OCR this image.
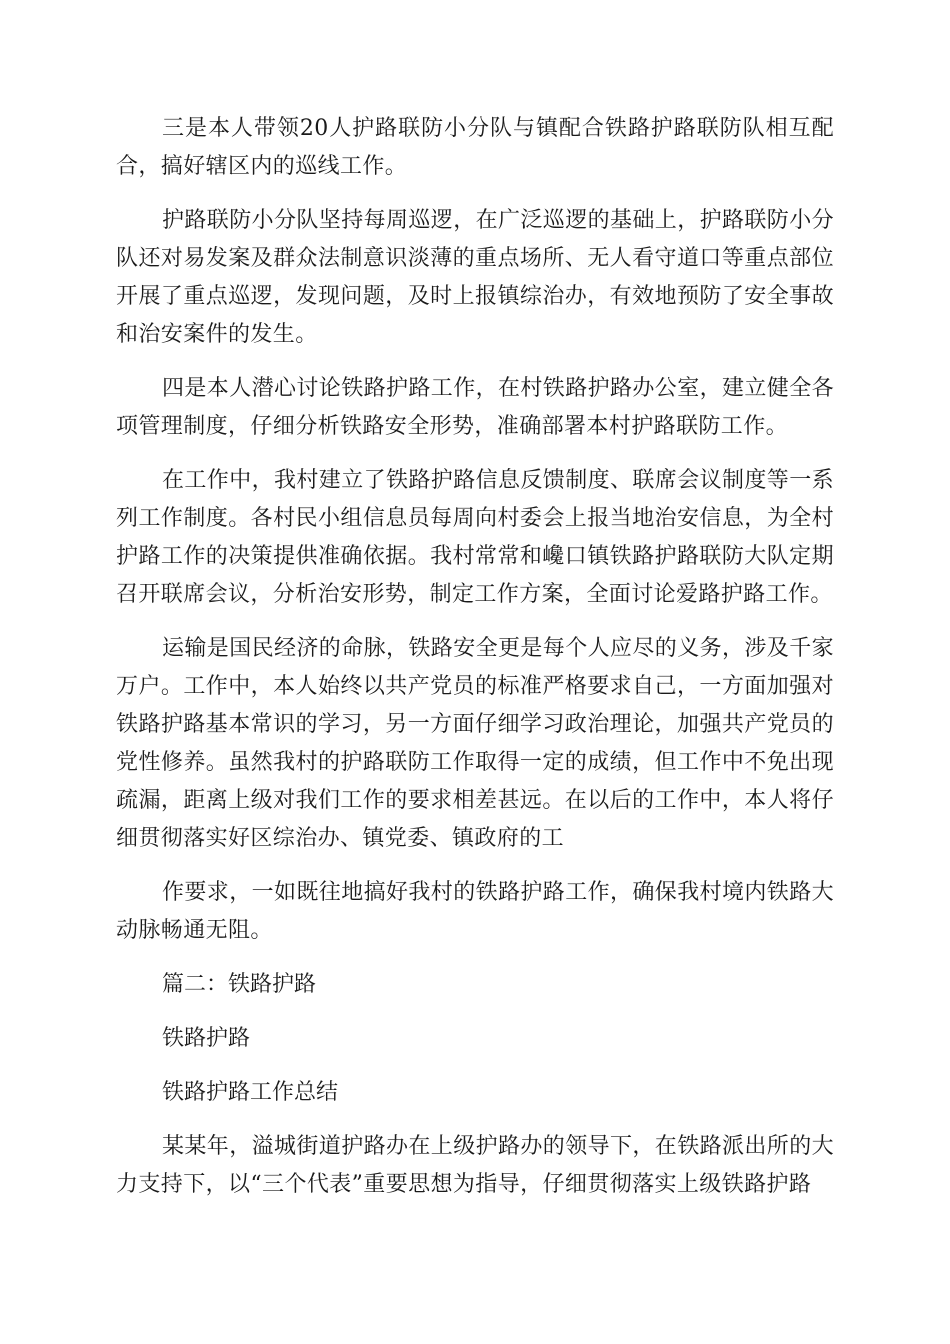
三是本人带领20人护路联防小分队与镇配合铁路护路联防队相互配合，搞好辖区内的巡线工作。

护路联防小分队坚持每周巡逻，在广泛巡逻的基础上，护路联防小分队还对易发案及群众法制意识淡薄的重点场所、无人看守道口等重点部位开展了重点巡逻，发现问题，及时上报镇综治办，有效地预防了安全事故和治安案件的发生。

四是本人潜心讨论铁路护路工作，在村铁路护路办公室，建立健全各项管理制度，仔细分析铁路安全形势，准确部署本村护路联防工作。

在工作中，我村建立了铁路护路信息反馈制度、联席会议制度等一系列工作制度。各村民小组信息员每周向村委会上报当地治安信息，为全村护路工作的决策提供准确依据。我村常常和巉口镇铁路护路联防大队定期召开联席会议，分析治安形势，制定工作方案，全面讨论爱路护路工作。

运输是国民经济的命脉，铁路安全更是每个人应尽的义务，涉及千家万户。工作中，本人始终以共产党员的标准严格要求自己，一方面加强对铁路护路基本常识的学习，另一方面仔细学习政治理论，加强共产党员的党性修养。虽然我村的护路联防工作取得一定的成绩，但工作中不免出现疏漏，距离上级对我们工作的要求相差甚远。在以后的工作中，本人将仔细贯彻落实好区综治办、镇党委、镇政府的工

作要求，一如既往地搞好我村的铁路护路工作，确保我村境内铁路大动脉畅通无阻。

篇二：铁路护路

铁路护路

铁路护路工作总结

某某年，溢城街道护路办在上级护路办的领导下，在铁路派出所的大力支持下，以“三个代表”重要思想为指导，仔细贯彻落实上级铁路护路
